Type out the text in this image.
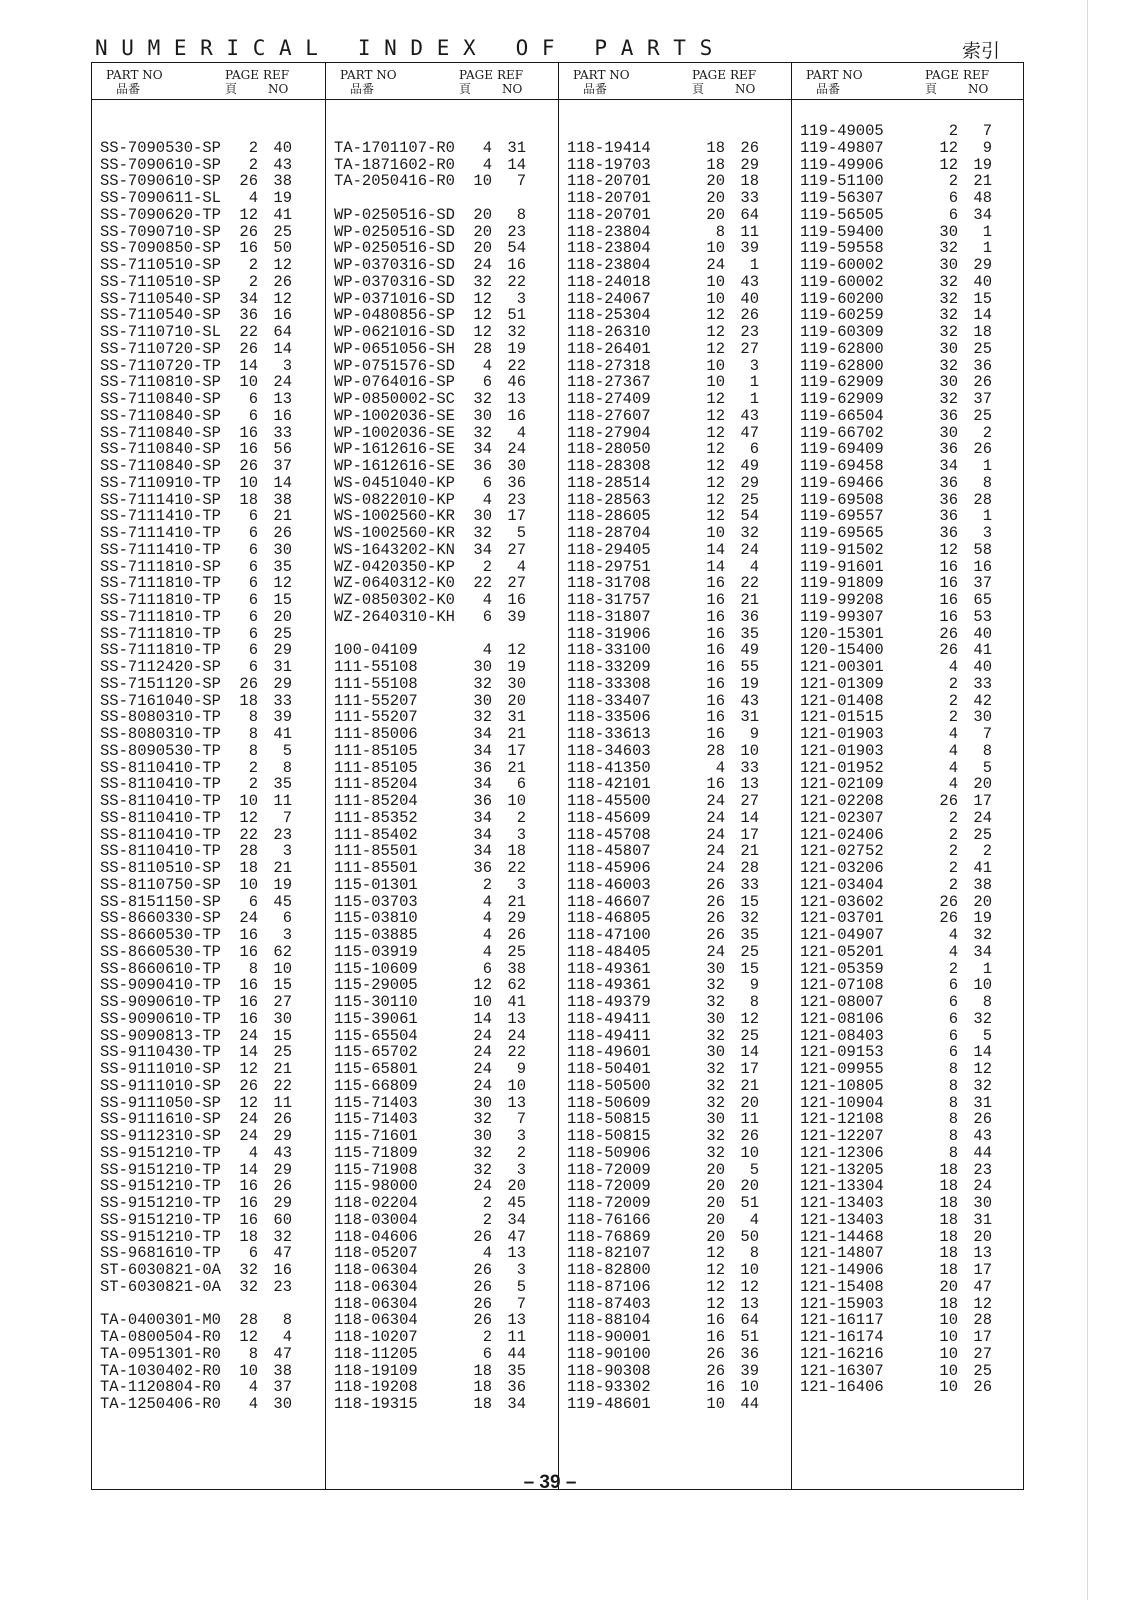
N U M E R I C A L   I N D E X   O F   P A R T S	索引
PART NO
品番
PAGE
頁
REF
NO
SS-7090530-SP	2 40
SS-7090610-SP	2 43
SS-7090610-SP	26 38
SS-7090611-SL	4 19
SS-7090620-TP	12 41
SS-7090710-SP	26 25
SS-7090850-SP	16 50
SS-7110510-SP	2 12
SS-7110510-SP	2 26
SS-7110540-SP	34 12
SS-7110540-SP	36 16
SS-7110710-SL	22 64
SS-7110720-SP	26 14
SS-7110720-TP	14	3
SS-7110810-SP	10 24
SS-7110840-SP	6 13
SS-7110840-SP	6 16
SS-7110840-SP	16 33
SS-7110840-SP	16 56
SS-7110840-SP	26 37
SS-7110910-TP	10 14
SS-7111410-SP	18 38
SS-7111410-TP	6 21
SS-7111410-TP	6 26
SS-7111410-TP	6 30
SS-7111810-SP	6 35
SS-7111810-TP	6 12
SS-7111810-TP	6 15
SS-7111810-TP	6 20
SS-7111810-TP	6 25
SS-7111810-TP	6 29
SS-7112420-SP	6 31
SS-7151120-SP	26 29
SS-7161040-SP	18 33
SS-8080310-TP	8 39
SS-8080310-TP	8 41
SS-8090530-TP	8	5
SS-8110410-TP	2	8
SS-8110410-TP	2 35
SS-8110410-TP	10 11
SS-8110410-TP	12	7
SS-8110410-TP	22 23
SS-8110410-TP	28	3
SS-8110510-SP	18 21
SS-8110750-SP	10 19
SS-8151150-SP	6 45
SS-8660330-SP	24	6
SS-8660530-TP	16	3
SS-8660530-TP	16 62
SS-8660610-TP	8 10
SS-9090410-TP	16 15
SS-9090610-TP	16 27
SS-9090610-TP	16 30
SS-9090813-TP	24 15
SS-9110430-TP	14 25
SS-9111010-SP	12 21
SS-9111010-SP	26 22
SS-9111050-SP	12 11
SS-9111610-SP	24 26
SS-9112310-SP	24 29
SS-9151210-TP	4 43
SS-9151210-TP	14 29
SS-9151210-TP	16 26
SS-9151210-TP	16 29
SS-9151210-TP	16 60
SS-9151210-TP	18 32
SS-9681610-TP	6 47
ST-6030821-0A	32 16
ST-6030821-0A	32 23
TA-0400301-M0	28	8
TA-0800504-R0	12	4
TA-0951301-R0	8 47
TA-1030402-R0	10 38
TA-1120804-R0	4 37
TA-1250406-R0	4 30
PART NO
品番
PAGE
頁
REF
NO
TA-1701107-R0	4 31
TA-1871602-R0	4 14
TA-2050416-R0	10	7
WP-0250516-SD	20	8
WP-0250516-SD	20 23
WP-0250516-SD	20 54
WP-0370316-SD	24 16
WP-0370316-SD	32 22
WP-0371016-SD	12	3
WP-0480856-SP	12 51
WP-0621016-SD	12 32
WP-0651056-SH	28 19
WP-0751576-SD	4 22
WP-0764016-SP	6 46
WP-0850002-SC	32 13
WP-1002036-SE	30 16
WP-1002036-SE	32	4
WP-1612616-SE	34 24
WP-1612616-SE	36 30
WS-0451040-KP	6 36
WS-0822010-KP	4 23
WS-1002560-KR	30 17
WS-1002560-KR	32	5
WS-1643202-KN	34 27
WZ-0420350-KP	2	4
WZ-0640312-K0	22 27
WZ-0850302-K0	4 16
WZ-2640310-KH	6 39
100-04109	4 12
111-55108	30 19
111-55108	32 30
111-55207	30 20
111-55207	32 31
111-85006	34 21
111-85105	34 17
111-85105	36 21
111-85204	34	6
111-85204	36 10
111-85352	34	2
111-85402	34	3
111-85501	34 18
111-85501	36 22
115-01301	2	3
115-03703	4 21
115-03810	4 29
115-03885	4 26
115-03919	4 25
115-10609	6 38
115-29005	12 62
115-30110	10 41
115-39061	14 13
115-65504	24 24
115-65702	24 22
115-65801	24	9
115-66809	24 10
115-71403	30 13
115-71403	32	7
115-71601	30	3
115-71809	32	2
115-71908	32	3
115-98000	24 20
118-02204	2 45
118-03004	2 34
118-04606	26 47
118-05207	4 13
118-06304	26	3
118-06304	26	5
118-06304	26	7
118-06304	26 13
118-10207	2 11
118-11205	6 44
118-19109	18 35
118-19208	18 36
118-19315	18 34
PART NO
品番
PAGE
頁
REF
NO
118-19414	18 26
118-19703	18 29
118-20701	20 18
118-20701	20 33
118-20701	20 64
118-23804	8 11
118-23804	10 39
118-23804	24	1
118-24018	10 43
118-24067	10 40
118-25304	12 26
118-26310	12 23
118-26401	12 27
118-27318	10	3
118-27367	10	1
118-27409	12	1
118-27607	12 43
118-27904	12 47
118-28050	12	6
118-28308	12 49
118-28514	12 29
118-28563	12 25
118-28605	12 54
118-28704	10 32
118-29405	14 24
118-29751	14	4
118-31708	16 22
118-31757	16 21
118-31807	16 36
118-31906	16 35
118-33100	16 49
118-33209	16 55
118-33308	16 19
118-33407	16 43
118-33506	16 31
118-33613	16	9
118-34603	28 10
118-41350	4 33
118-42101	16 13
118-45500	24 27
118-45609	24 14
118-45708	24 17
118-45807	24 21
118-45906	24 28
118-46003	26 33
118-46607	26 15
118-46805	26 32
118-47100	26 35
118-48405	24 25
118-49361	30 15
118-49361	32	9
118-49379	32	8
118-49411	30 12
118-49411	32 25
118-49601	30 14
118-50401	32 17
118-50500	32 21
118-50609	32 20
118-50815	30 11
118-50815	32 26
118-50906	32 10
118-72009	20	5
118-72009	20 20
118-72009	20 51
118-76166	20	4
118-76869	20 50
118-82107	12	8
118-82800	12 10
118-87106	12 12
118-87403	12 13
118-88104	16 64
118-90001	16 51
118-90100	26 36
118-90308	26 39
118-93302	16 10
119-48601	10 44
PART NO
品番
PAGE
頁
REF
NO
119-49005	2	7
119-49807	12	9
119-49906	12 19
119-51100	2 21
119-56307	6 48
119-56505	6 34
119-59400	30	1
119-59558	32	1
119-60002	30 29
119-60002	32 40
119-60200	32 15
119-60259	32 14
119-60309	32 18
119-62800	30 25
119-62800	32 36
119-62909	30 26
119-62909	32 37
119-66504	36 25
119-66702	30	2
119-69409	36 26
119-69458	34	1
119-69466	36	8
119-69508	36 28
119-69557	36	1
119-69565	36	3
119-91502	12 58
119-91601	16 16
119-91809	16 37
119-99208	16 65
119-99307	16 53
120-15301	26 40
120-15400	26 41
121-00301	4 40
121-01309	2 33
121-01408	2 42
121-01515	2 30
121-01903	4	7
121-01903	4	8
121-01952	4	5
121-02109	4 20
121-02208	26 17
121-02307	2 24
121-02406	2 25
121-02752	2	2
121-03206	2 41
121-03404	2 38
121-03602	26 20
121-03701	26 19
121-04907	4 32
121-05201	4 34
121-05359	2	1
121-07108	6 10
121-08007	6	8
121-08106	6 32
121-08403	6	5
121-09153	6 14
121-09955	8 12
121-10805	8 32
121-10904	8 31
121-12108	8 26
121-12207	8 43
121-12306	8 44
121-13205	18 23
121-13304	18 24
121-13403	18 30
121-13403	18 31
121-14468	18 20
121-14807	18 13
121-14906	18 17
121-15408	20 47
121-15903	18 12
121-16117	10 28
121-16174	10 17
121-16216	10 27
121-16307	10 25
121-16406	10 26
– 39 –
